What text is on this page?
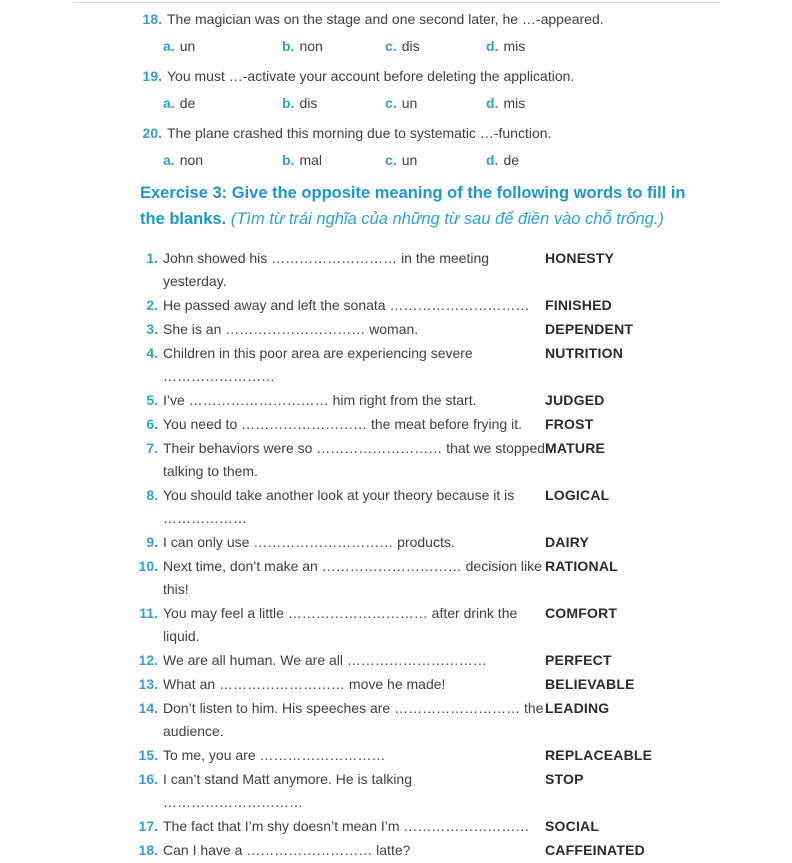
18. The magician was on the stage and one second later, he …-appeared.
a. un	b. non	c. dis	d. mis
19. You must …-activate your account before deleting the application.
a. de	b. dis	c. un	d. mis
20. The plane crashed this morning due to systematic …-function.
a. non	b. mal	c. un	d. de
Exercise 3: Give the opposite meaning of the following words to fill in the blanks. (Tìm từ trái nghĩa của những từ sau để điền vào chỗ trống.)
1. John showed his ……………………… in the meeting yesterday.
HONESTY
2. He passed away and left the sonata …………………………	FINISHED
3. She is an ………………………… woman.	DEPENDENT
4. Children in this poor area are experiencing severe ……………………
NUTRITION
5. I’ve ………………………… him right from the start.	JUDGED
6. You need to ……………………… the meat before frying it.	FROST
7. Their behaviors were so ……………………… that we stopped talking to them.
MATURE
8. You should take another look at your theory because it is ………………
LOGICAL
9. I can only use ………………………… products.	DAIRY
10. Next time, don’t make an ………………………… decision like this!
RATIONAL
11. You may feel a little ………………………… after drink the liquid.
COMFORT
12. We are all human. We are all …………………………	PERFECT
13. What an ……………………… move he made!	BELIEVABLE
14. Don’t listen to him. His speeches are ……………………… the audience.
LEADING
15. To me, you are ………………………	REPLACEABLE
16. I can’t stand Matt anymore. He is talking …………………………
STOP
17. The fact that I’m shy doesn’t mean I’m ………………………	SOCIAL
18. Can I have a ……………………… latte?	CAFFEINATED
